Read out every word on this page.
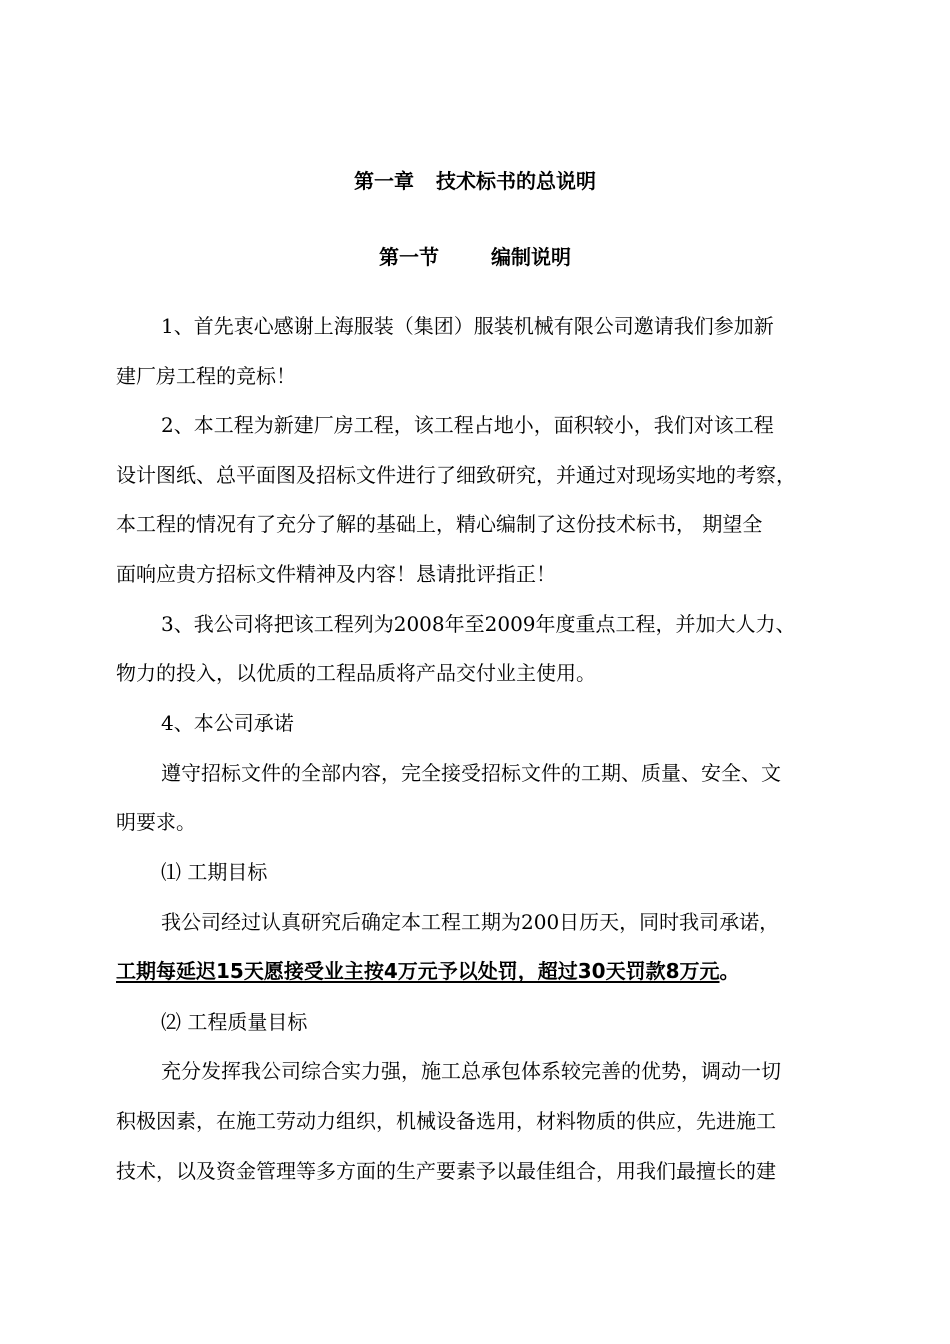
第一章 技术标书的总说明
第一节	编制说明
1、首先衷心感谢上海服装（集团）服装机械有限公司邀请我们参加新
建厂房工程的竞标！
2、本工程为新建厂房工程，该工程占地小，面积较小，我们对该工程
设计图纸、总平面图及招标文件进行了细致研究，并通过对现场实地的考察，
本工程的情况有了充分了解的基础上，精心编制了这份技术标书， 期望全
面响应贵方招标文件精神及内容！恳请批评指正！
3、我公司将把该工程列为2008年至2009年度重点工程，并加大人力、
物力的投入，以优质的工程品质将产品交付业主使用。
4、本公司承诺
遵守招标文件的全部内容，完全接受招标文件的工期、质量、安全、文
明要求。
⑴ 工期目标
我公司经过认真研究后确定本工程工期为200日历天，同时我司承诺，
工期每延迟15天愿接受业主按4万元予以处罚，超过30天罚款8万元。
⑵ 工程质量目标
充分发挥我公司综合实力强，施工总承包体系较完善的优势，调动一切
积极因素，在施工劳动力组织，机械设备选用，材料物质的供应，先进施工
技术，以及资金管理等多方面的生产要素予以最佳组合，用我们最擅长的建
